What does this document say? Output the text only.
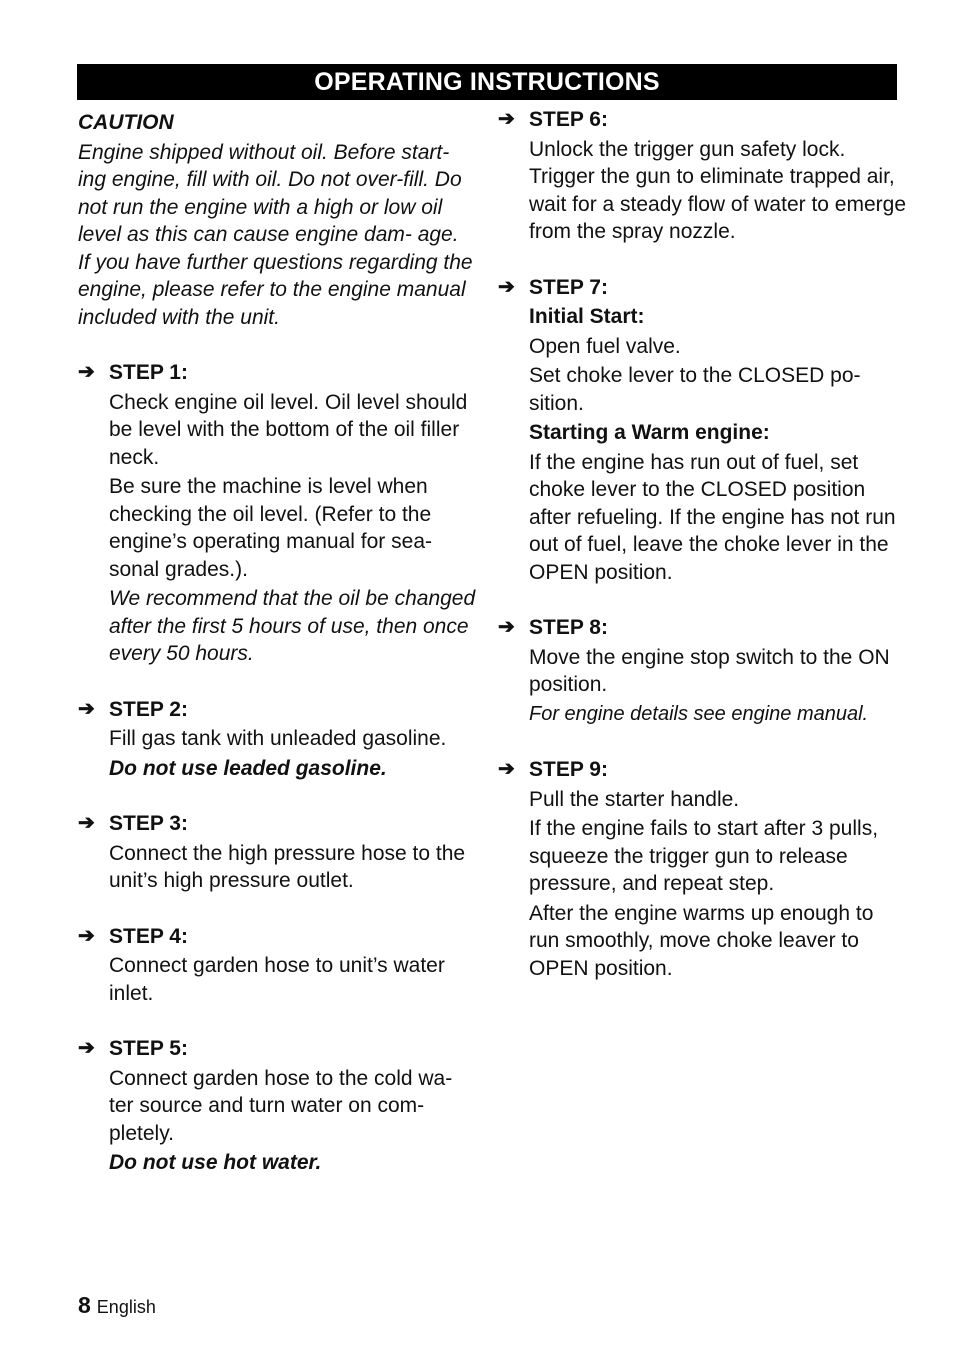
OPERATING INSTRUCTIONS

CAUTION

Engine shipped without oil. Before start- ing engine, fill with oil. Do not over-fill. Do not run the engine with a high or low oil level as this can cause engine dam- age.

If you have further questions regarding the engine, please refer to the engine manual included with the unit.

➔ STEP 1:

Check engine oil level. Oil level should be level with the bottom of the oil filler neck.

Be sure the machine is level when checking the oil level. (Refer to the engine’s operating manual for sea- sonal grades.).

We recommend that the oil be changed after the first 5 hours of use, then once every 50 hours.

➔ STEP 2:

Fill gas tank with unleaded gasoline.

Do not use leaded gasoline.

➔ STEP 3:

Connect the high pressure hose to the unit’s high pressure outlet.

➔ STEP 4:

Connect garden hose to unit’s water inlet.

➔ STEP 5:

Connect garden hose to the cold wa- ter source and turn water on com- pletely.

Do not use hot water.

➔ STEP 6:

Unlock the trigger gun safety lock. Trigger the gun to eliminate trapped air, wait for a steady flow of water to emerge from the spray nozzle.

➔ STEP 7:

Initial Start:

Open fuel valve.

Set choke lever to the CLOSED po- sition.

Starting a Warm engine:

If the engine has run out of fuel, set choke lever to the CLOSED position after refueling. If the engine has not run out of fuel, leave the choke lever in the OPEN position.

➔ STEP 8:

Move the engine stop switch to the ON position.

For engine details see engine manual.

➔ STEP 9:

Pull the starter handle.

If the engine fails to start after 3 pulls, squeeze the trigger gun to release pressure, and repeat step.

After the engine warms up enough to run smoothly, move choke leaver to OPEN position.

8 English
